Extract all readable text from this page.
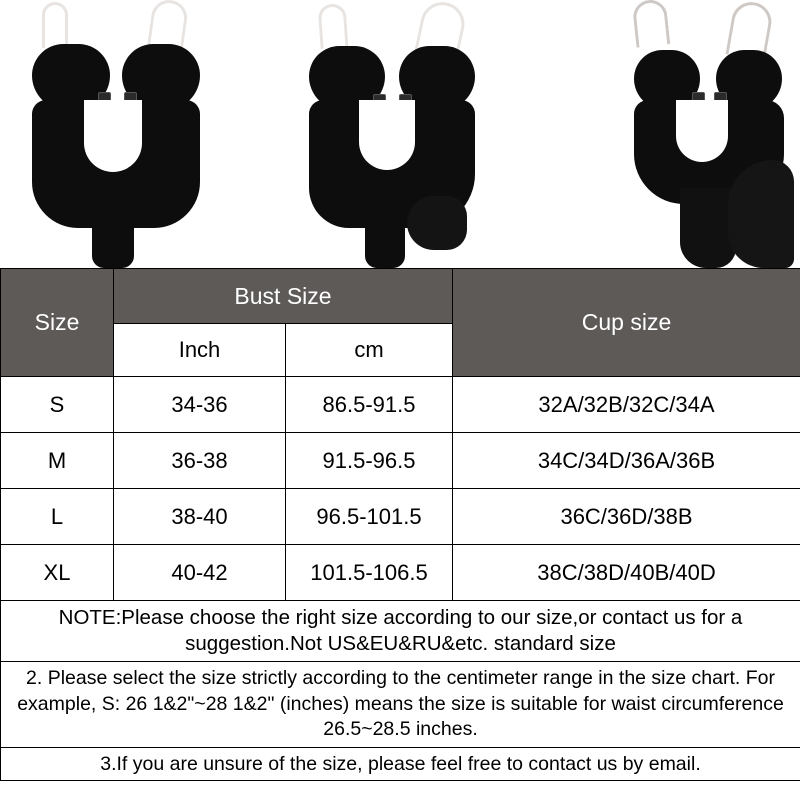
Size	Bust Size		Cup size
	Inch	cm	
S	34-36	86.5-91.5	32A/32B/32C/34A
M	36-38	91.5-96.5	34C/34D/36A/36B
L	38-40	96.5-101.5	36C/36D/38B
XL	40-42	101.5-106.5	38C/38D/40B/40D
NOTE:Please choose the right size according to our size,or contact us for a suggestion.Not US&EU&RU&etc. standard size			
2. Please select the size strictly according to the centimeter range in the size chart. For example, S: 26 1&2"~28 1&2" (inches) means the size is suitable for waist circumference 26.5~28.5 inches.			
3.If you are unsure of the size, please feel free to contact us by email.			
